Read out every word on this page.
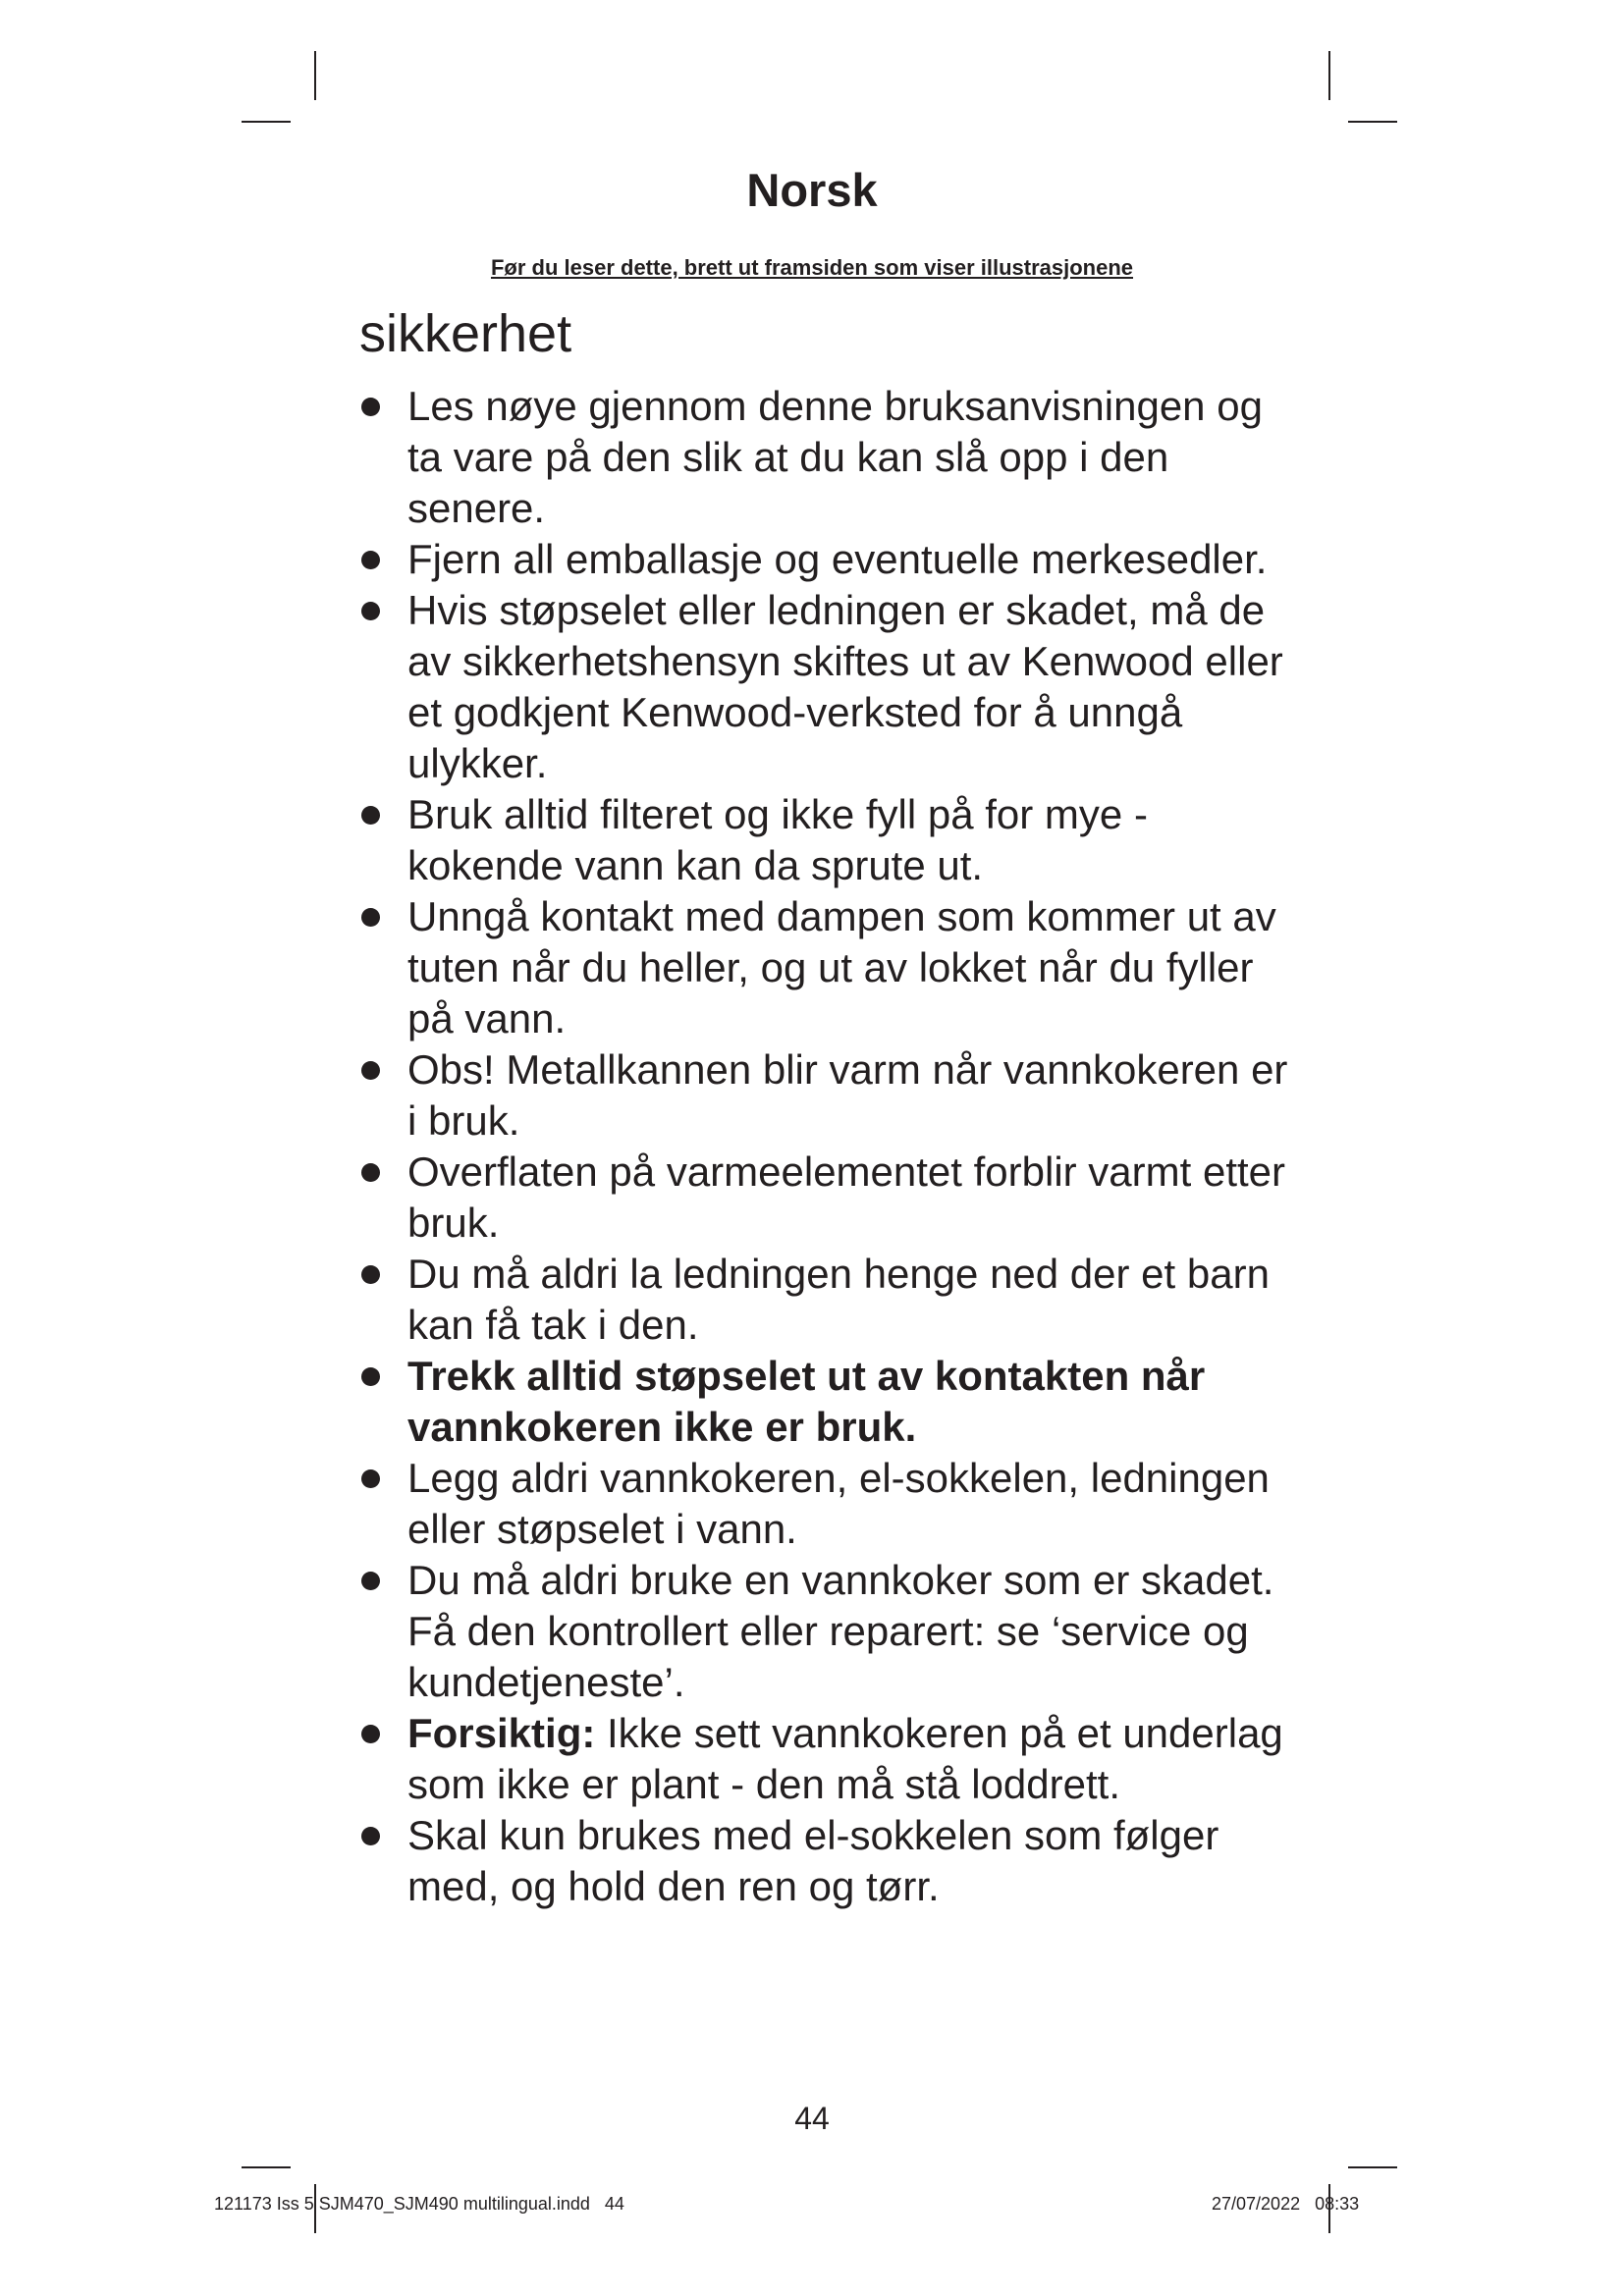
Norsk
Før du leser dette, brett ut framsiden som viser illustrasjonene
sikkerhet
Les nøye gjennom denne bruksanvisningen og ta vare på den slik at du kan slå opp i den senere.
Fjern all emballasje og eventuelle merkesedler.
Hvis støpselet eller ledningen er skadet, må de av sikkerhetshensyn skiftes ut av Kenwood eller et godkjent Kenwood-verksted for å unngå ulykker.
Bruk alltid filteret og ikke fyll på for mye - kokende vann kan da sprute ut.
Unngå kontakt med dampen som kommer ut av tuten når du heller, og ut av lokket når du fyller på vann.
Obs! Metallkannen blir varm når vannkokeren er i bruk.
Overflaten på varmeelementet forblir varmt etter bruk.
Du må aldri la ledningen henge ned der et barn kan få tak i den.
Trekk alltid støpselet ut av kontakten når vannkokeren ikke er bruk.
Legg aldri vannkokeren, el-sokkelen, ledningen eller støpselet i vann.
Du må aldri bruke en vannkoker som er skadet. Få den kontrollert eller reparert: se ‘service og kundetjeneste’.
Forsiktig: Ikke sett vannkokeren på et underlag som ikke er plant - den må stå loddrett.
Skal kun brukes med el-sokkelen som følger med, og hold den ren og tørr.
44
121173 Iss 5 SJM470_SJM490 multilingual.indd   44	27/07/2022   08:33
